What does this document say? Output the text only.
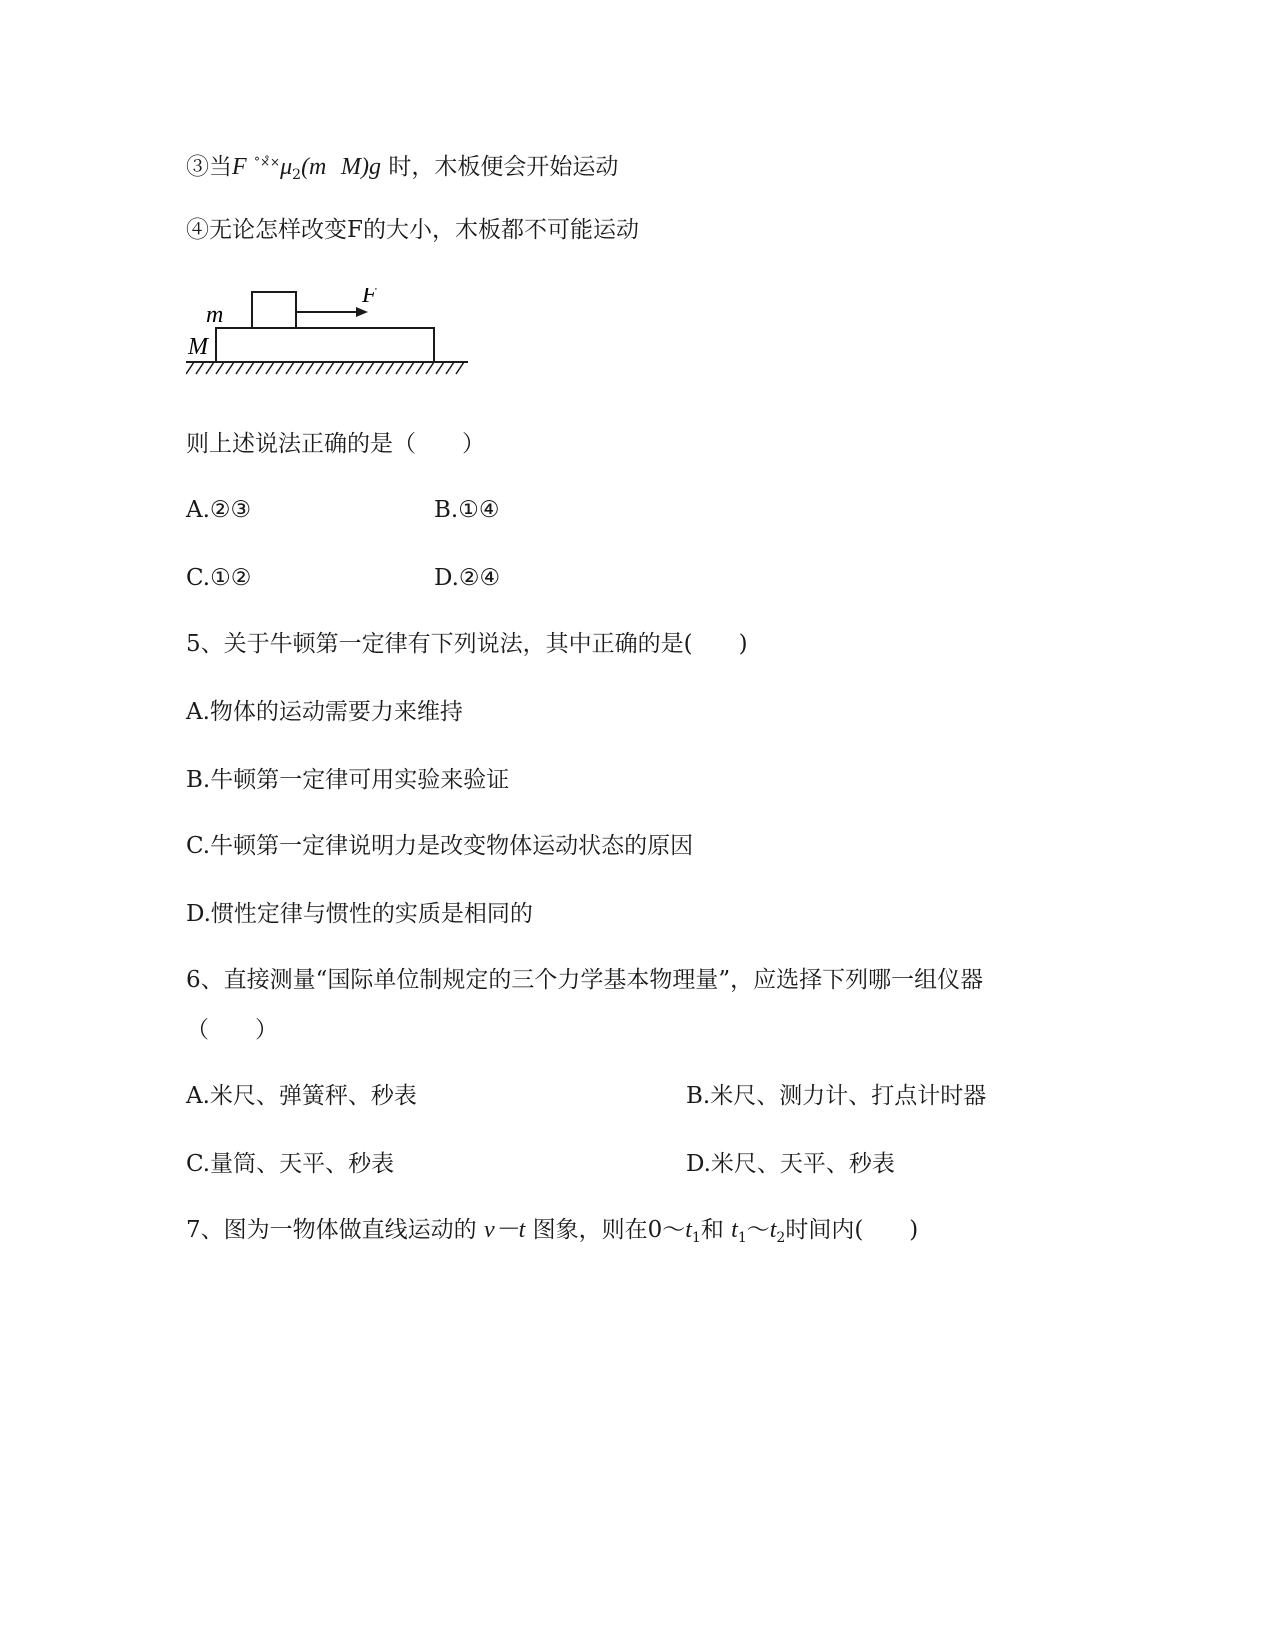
③当F $^{^\circ\times̊\times}\mu_2(m$ M)g 时，木板便会开始运动
④无论怎样改变F的大小，木板都不可能运动
m
F
M
则上述说法正确的是（　　）
A.②③	B.①④
C.①②	D.②④
5、关于牛顿第一定律有下列说法，其中正确的是(　　)
A.物体的运动需要力来维持
B.牛顿第一定律可用实验来验证
C.牛顿第一定律说明力是改变物体运动状态的原因
D.惯性定律与惯性的实质是相同的
6、直接测量“国际单位制规定的三个力学基本物理量”，应选择下列哪一组仪器
（　　）
A.米尺、弹簧秤、秒表	B.米尺、测力计、打点计时器
C.量筒、天平、秒表	D.米尺、天平、秒表
7、图为一物体做直线运动的 v－t 图象，则在$0\sim t_1$和 $t_1\sim t_2$时间内(　　)
